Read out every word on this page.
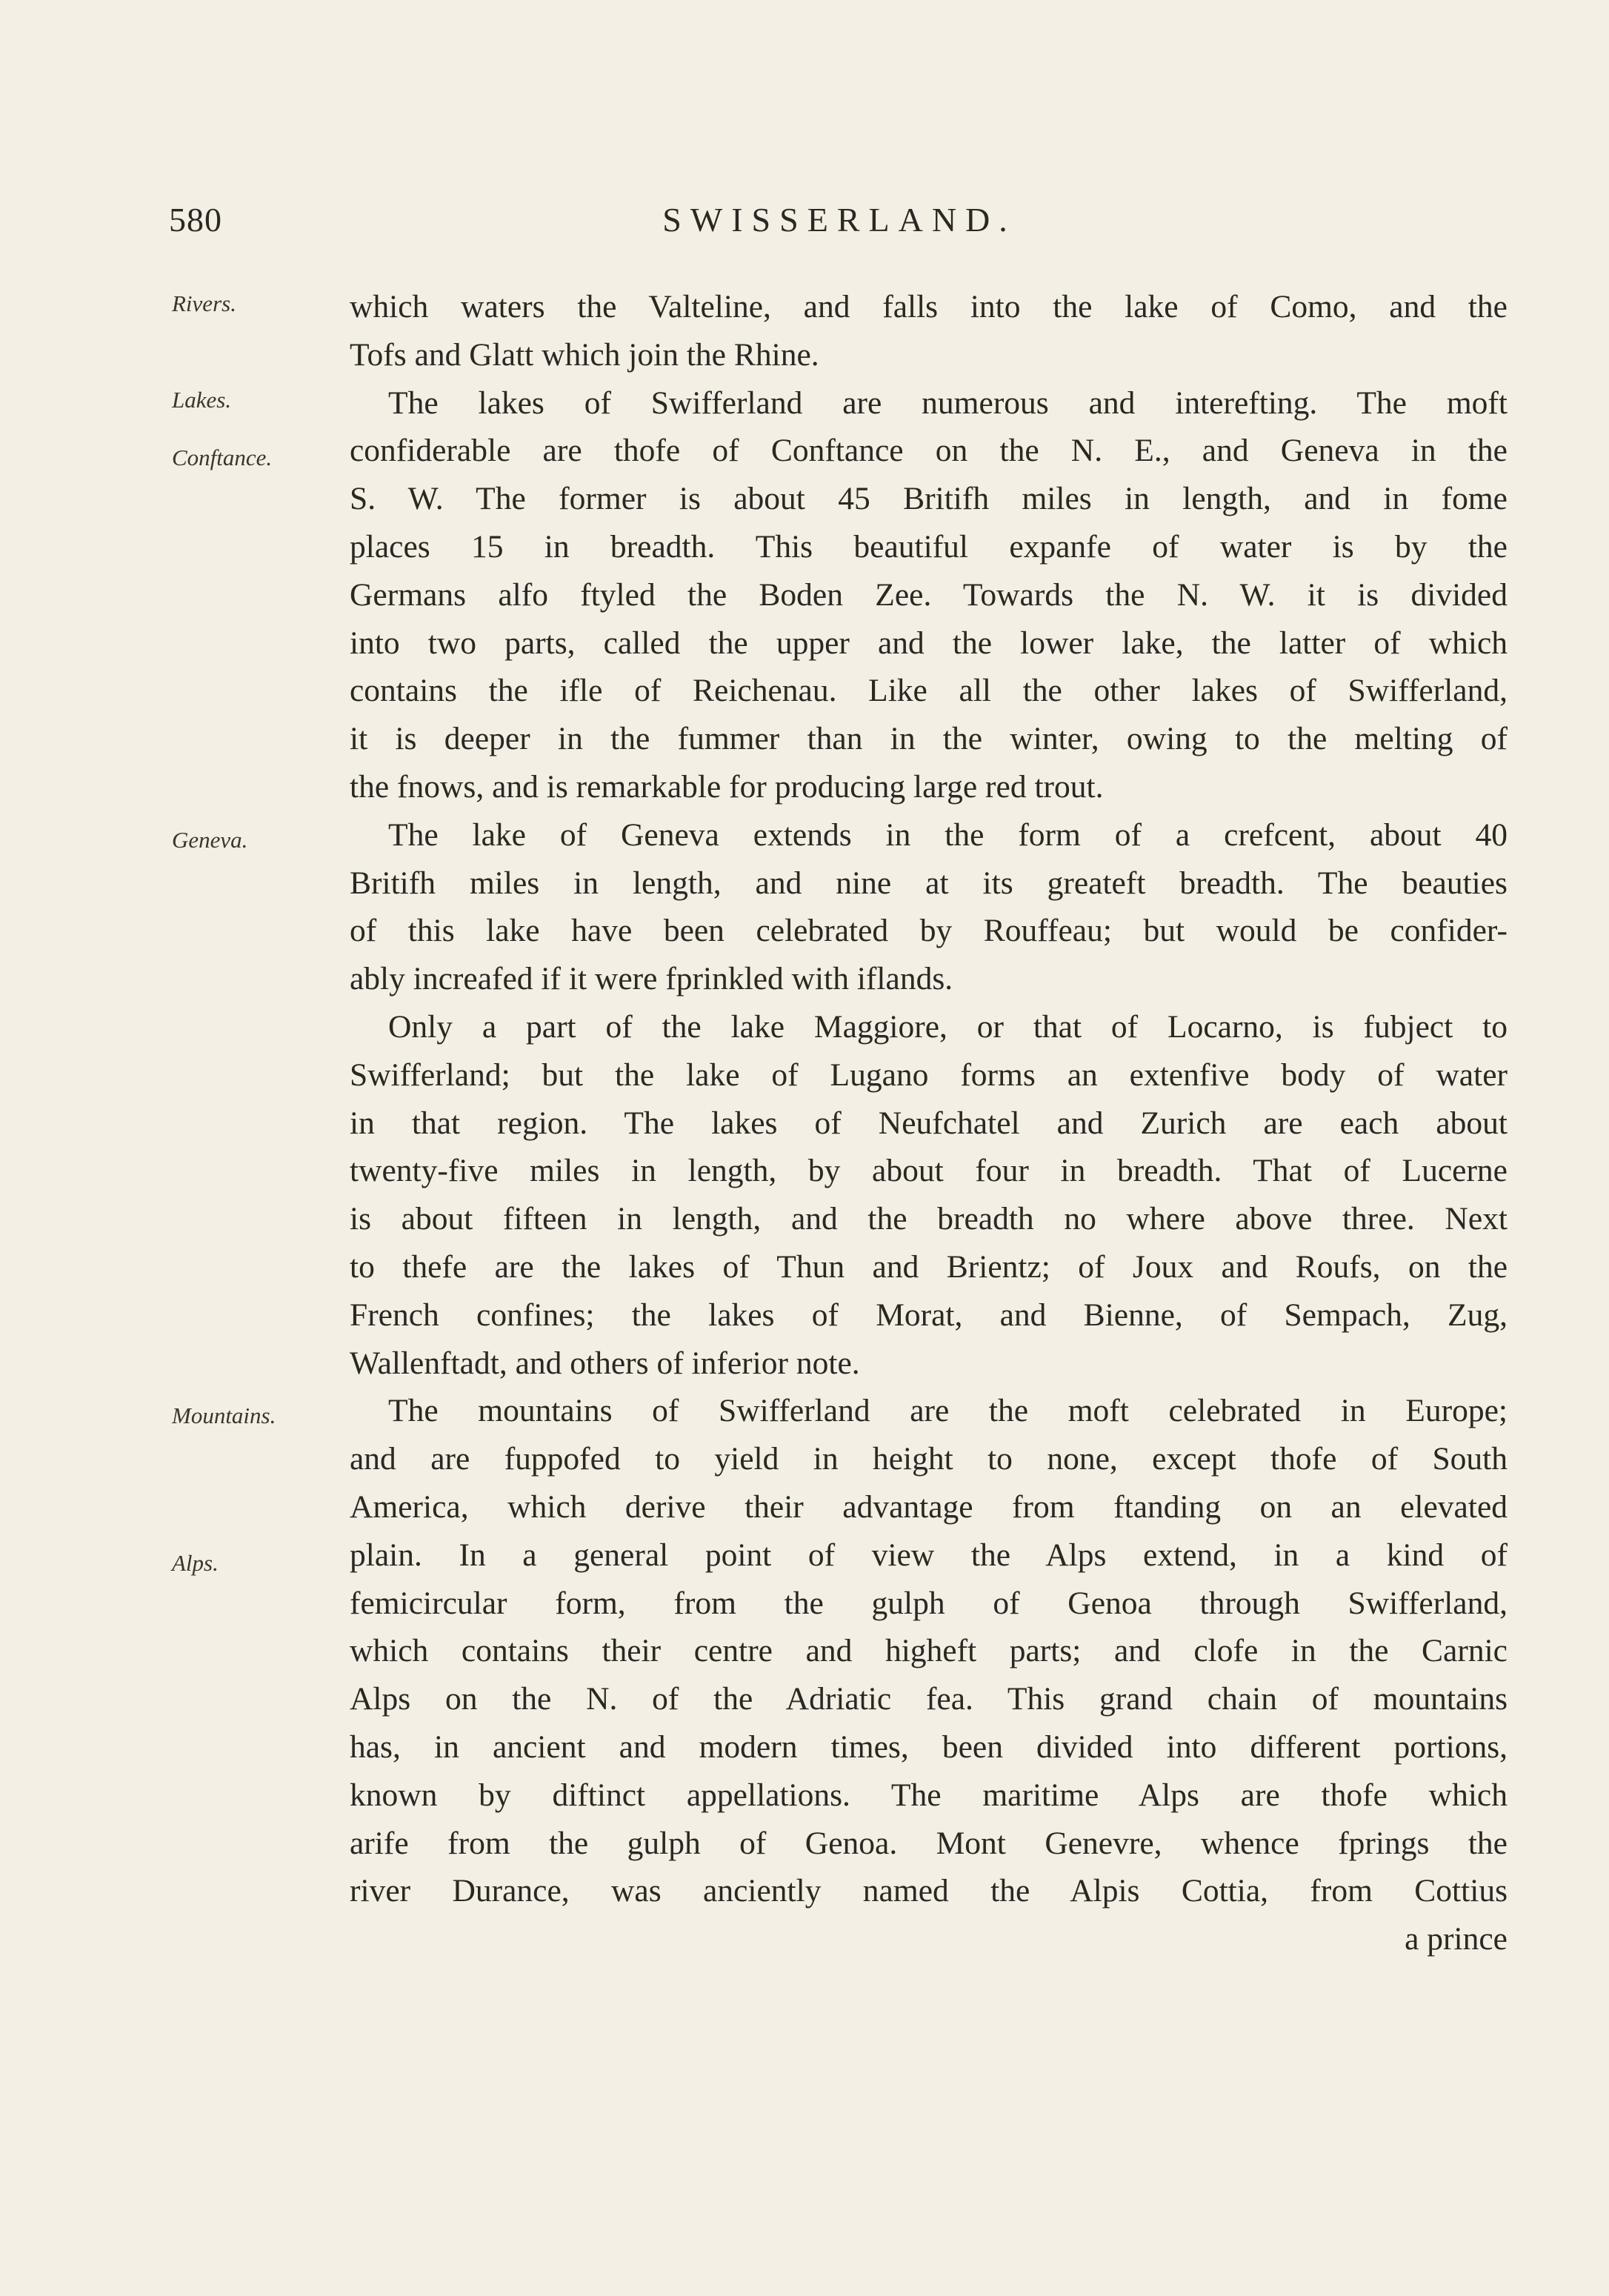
580	SWISSERLAND.
Rivers.
Lakes.
Conftance.
Geneva.
Mountains.
Alps.
which waters the Valteline, and falls into the lake of Como, and the
Tofs and Glatt which join the Rhine.
The lakes of Swifferland are numerous and interefting. The moft
confiderable are thofe of Conftance on the N. E., and Geneva in the
S. W. The former is about 45 Britifh miles in length, and in fome
places 15 in breadth. This beautiful expanfe of water is by the
Germans alfo ftyled the Boden Zee. Towards the N. W. it is divided
into two parts, called the upper and the lower lake, the latter of which
contains the ifle of Reichenau. Like all the other lakes of Swifferland,
it is deeper in the fummer than in the winter, owing to the melting of
the fnows, and is remarkable for producing large red trout.
The lake of Geneva extends in the form of a crefcent, about 40
Britifh miles in length, and nine at its greateft breadth. The beauties
of this lake have been celebrated by Rouffeau; but would be confider-
ably increafed if it were fprinkled with iflands.
Only a part of the lake Maggiore, or that of Locarno, is fubject to
Swifferland; but the lake of Lugano forms an extenfive body of water
in that region. The lakes of Neufchatel and Zurich are each about
twenty-five miles in length, by about four in breadth. That of Lucerne
is about fifteen in length, and the breadth no where above three. Next
to thefe are the lakes of Thun and Brientz; of Joux and Roufs, on the
French confines; the lakes of Morat, and Bienne, of Sempach, Zug,
Wallenftadt, and others of inferior note.
The mountains of Swifferland are the moft celebrated in Europe;
and are fuppofed to yield in height to none, except thofe of South
America, which derive their advantage from ftanding on an elevated
plain. In a general point of view the Alps extend, in a kind of
femicircular form, from the gulph of Genoa through Swifferland,
which contains their centre and higheft parts; and clofe in the Carnic
Alps on the N. of the Adriatic fea. This grand chain of mountains
has, in ancient and modern times, been divided into different portions,
known by diftinct appellations. The maritime Alps are thofe which
arife from the gulph of Genoa. Mont Genevre, whence fprings the
river Durance, was anciently named the Alpis Cottia, from Cottius
a prince
